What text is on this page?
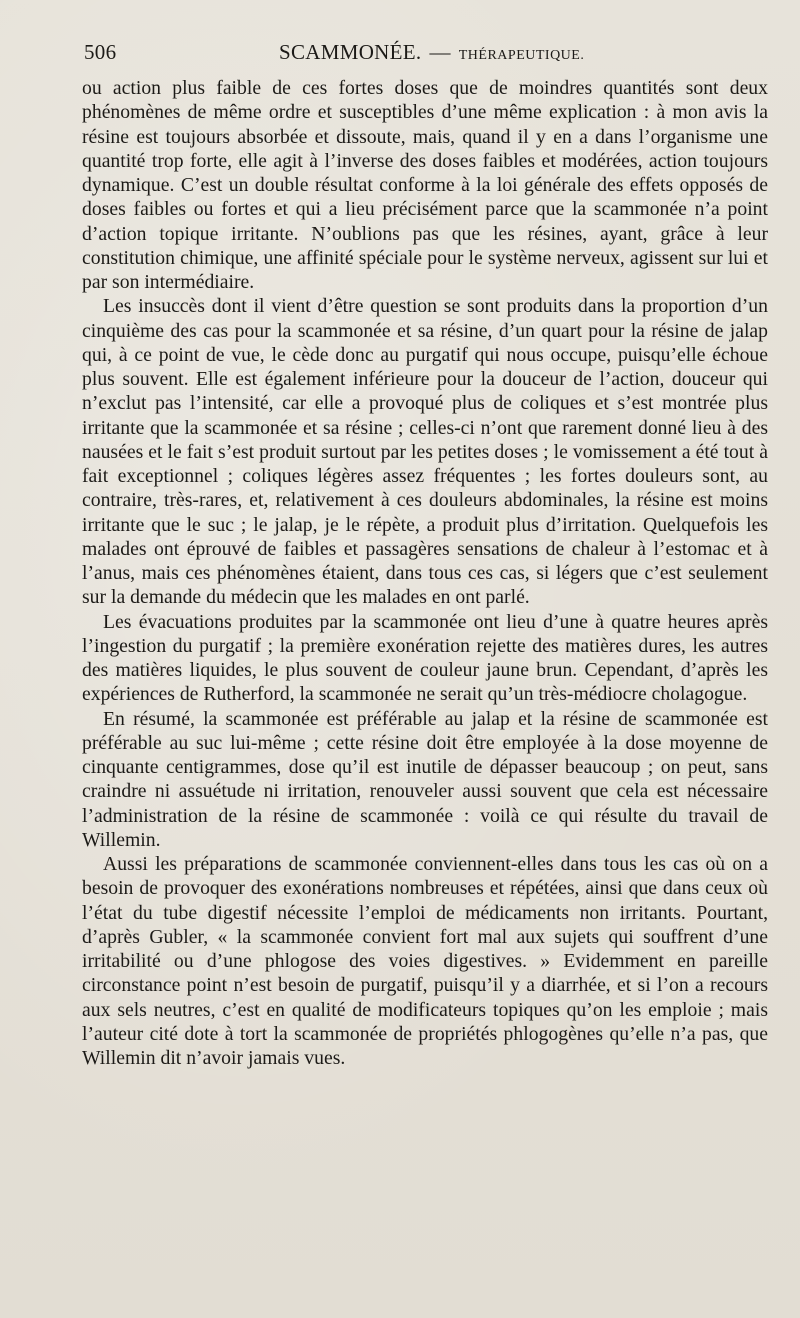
506	SCAMMONÉE. — THÉRAPEUTIQUE.

ou action plus faible de ces fortes doses que de moindres quantités sont deux phénomènes de même ordre et susceptibles d’une même explication : à mon avis la résine est toujours absorbée et dissoute, mais, quand il y en a dans l’organisme une quantité trop forte, elle agit à l’inverse des doses faibles et modérées, action toujours dynamique. C’est un double résultat conforme à la loi générale des effets opposés de doses faibles ou fortes et qui a lieu précisément parce que la scammonée n’a point d’action topique irritante. N’oublions pas que les résines, ayant, grâce à leur constitution chimique, une affinité spéciale pour le système nerveux, agissent sur lui et par son intermédiaire.

Les insuccès dont il vient d’être question se sont produits dans la proportion d’un cinquième des cas pour la scammonée et sa résine, d’un quart pour la résine de jalap qui, à ce point de vue, le cède donc au purgatif qui nous occupe, puisqu’elle échoue plus souvent. Elle est également inférieure pour la douceur de l’action, douceur qui n’exclut pas l’intensité, car elle a provoqué plus de coliques et s’est montrée plus irritante que la scammonée et sa résine ; celles-ci n’ont que rarement donné lieu à des nausées et le fait s’est produit surtout par les petites doses ; le vomissement a été tout à fait exceptionnel ; coliques légères assez fréquentes ; les fortes douleurs sont, au contraire, très-rares, et, relativement à ces douleurs abdominales, la résine est moins irritante que le suc ; le jalap, je le répète, a produit plus d’irritation. Quelquefois les malades ont éprouvé de faibles et passagères sensations de chaleur à l’estomac et à l’anus, mais ces phénomènes étaient, dans tous ces cas, si légers que c’est seulement sur la demande du médecin que les malades en ont parlé.

Les évacuations produites par la scammonée ont lieu d’une à quatre heures après l’ingestion du purgatif ; la première exonération rejette des matières dures, les autres des matières liquides, le plus souvent de couleur jaune brun. Cependant, d’après les expériences de Rutherford, la scammonée ne serait qu’un très-médiocre cholagogue.

En résumé, la scammonée est préférable au jalap et la résine de scammonée est préférable au suc lui-même ; cette résine doit être employée à la dose moyenne de cinquante centigrammes, dose qu’il est inutile de dépasser beaucoup ; on peut, sans craindre ni assuétude ni irritation, renouveler aussi souvent que cela est nécessaire l’administration de la résine de scammonée : voilà ce qui résulte du travail de Willemin.

Aussi les préparations de scammonée conviennent-elles dans tous les cas où on a besoin de provoquer des exonérations nombreuses et répétées, ainsi que dans ceux où l’état du tube digestif nécessite l’emploi de médicaments non irritants. Pourtant, d’après Gubler, « la scammonée convient fort mal aux sujets qui souffrent d’une irritabilité ou d’une phlogose des voies digestives. » Evidemment en pareille circonstance point n’est besoin de purgatif, puisqu’il y a diarrhée, et si l’on a recours aux sels neutres, c’est en qualité de modificateurs topiques qu’on les emploie ; mais l’auteur cité dote à tort la scammonée de propriétés phlogogènes qu’elle n’a pas, que Willemin dit n’avoir jamais vues.
